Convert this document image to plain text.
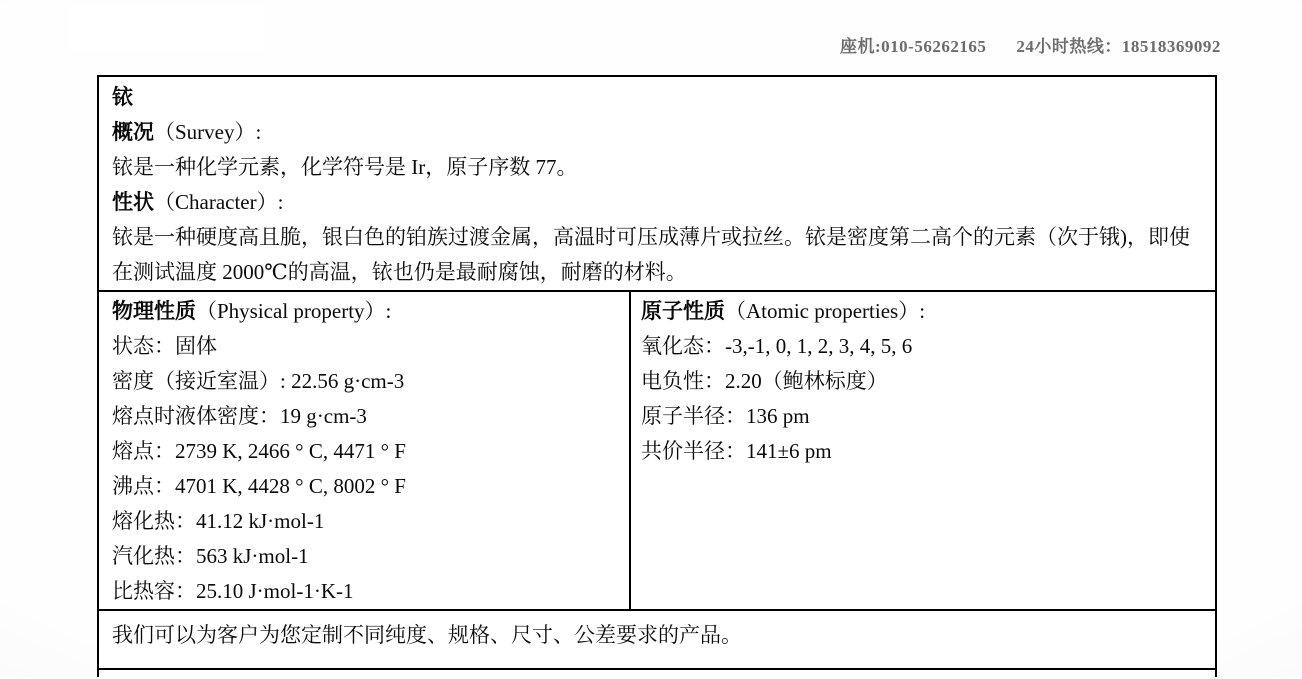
座机:010-56262165 24小时热线：18518369092
铱
概况（Survey）:
铱是一种化学元素，化学符号是 Ir，原子序数 77。
性状（Character）:
铱是一种硬度高且脆，银白色的铂族过渡金属，高温时可压成薄片或拉丝。铱是密度第二高个的元素（次于锇)，即使在测试温度 2000℃的高温，铱也仍是最耐腐蚀，耐磨的材料。
物理性质（Physical property）:
状态：固体
密度（接近室温）: 22.56 g·cm-3
熔点时液体密度：19 g·cm-3
熔点：2739 K, 2466 ° C, 4471 ° F
沸点：4701 K, 4428 ° C, 8002 ° F
熔化热：41.12 kJ·mol-1
汽化热：563 kJ·mol-1
比热容：25.10 J·mol-1·K-1
原子性质（Atomic properties）:
氧化态：-3,-1, 0, 1, 2, 3, 4, 5, 6
电负性：2.20（鲍林标度）
原子半径：136 pm
共价半径：141±6 pm
我们可以为客户为您定制不同纯度、规格、尺寸、公差要求的产品。
